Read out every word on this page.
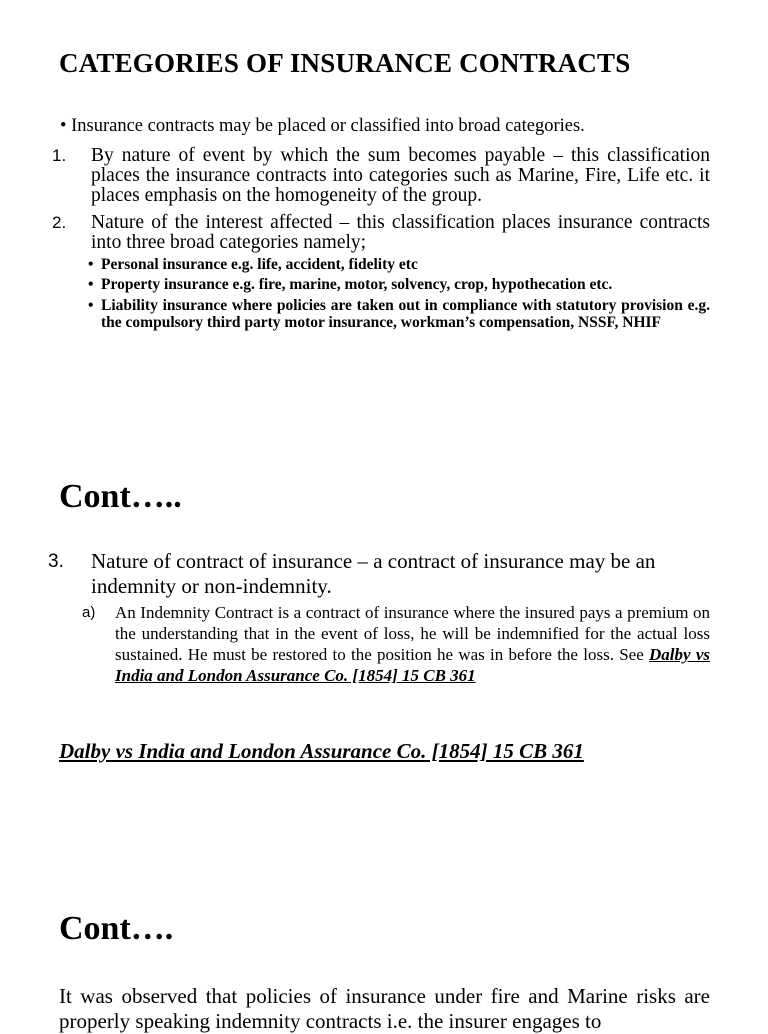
CATEGORIES OF INSURANCE CONTRACTS

• Insurance contracts may be placed or classified into broad categories.

1. By nature of event by which the sum becomes payable – this classification places the insurance contracts into categories such as Marine, Fire, Life etc. it places emphasis on the homogeneity of the group.
2. Nature of the interest affected – this classification places insurance contracts into three broad categories namely;
• Personal insurance e.g. life, accident, fidelity etc
• Property insurance e.g. fire, marine, motor, solvency, crop, hypothecation etc.
• Liability insurance where policies are taken out in compliance with statutory provision e.g. the compulsory third party motor insurance, workman’s compensation, NSSF, NHIF
Cont…..
3. Nature of contract of insurance – a contract of insurance may be an indemnity or non-indemnity.
a) An Indemnity Contract is a contract of insurance where the insured pays a premium on the understanding that in the event of loss, he will be indemnified for the actual loss sustained. He must be restored to the position he was in before the loss. See Dalby vs India and London Assurance Co. [1854] 15 CB 361
Dalby vs India and London Assurance Co. [1854] 15 CB 361
Cont….
It was observed that policies of insurance under fire and Marine risks are properly speaking indemnity contracts i.e. the insurer engages to
